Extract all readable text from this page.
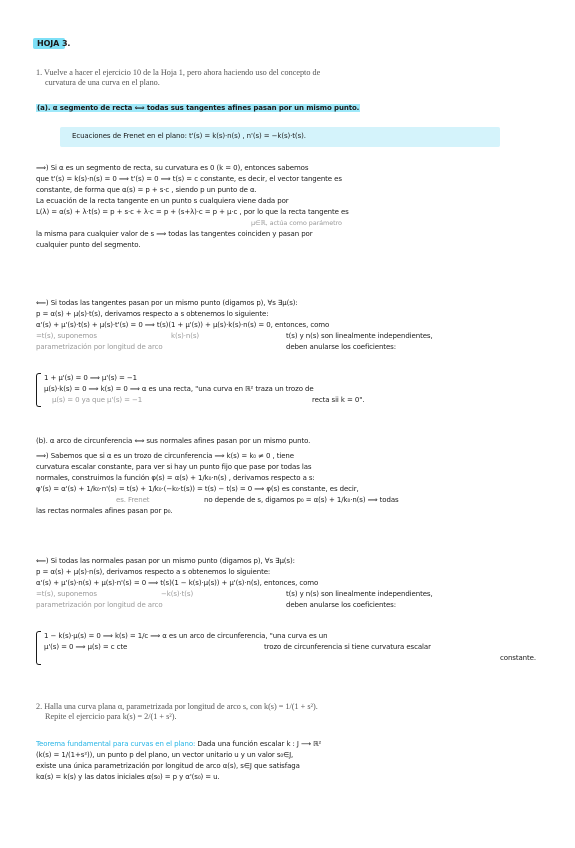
HOJA 3.
1. Vuelve a hacer el ejercicio 10 de la Hoja 1, pero ahora haciendo uso del concepto de
curvatura de una curva en el plano.
(a). α segmento de recta ⟺ todas sus tangentes afines pasan por un mismo punto.
Ecuaciones de Frenet en el plano: t'(s) = k(s)·n(s) , n'(s) = −k(s)·t(s).
⟹) Si α es un segmento de recta, su curvatura es 0 (k = 0), entonces sabemos
que t'(s) = k(s)·n(s) = 0 ⟹ t'(s) = 0 ⟹ t(s) = c constante, es decir, el vector tangente es
constante, de forma que α(s) = p + s·c , siendo p un punto de α.
La ecuación de la recta tangente en un punto s cualquiera viene dada por
L(λ) = α(s) + λ·t(s) = p + s·c + λ·c = p + (s+λ)·c = p + μ·c , por lo que la recta tangente es
μ∈ℝ, actúa como parámetro
la misma para cualquier valor de s ⟹ todas las tangentes coinciden y pasan por
cualquier punto del segmento.
⟸) Si todas las tangentes pasan por un mismo punto (digamos p), ∀s ∃μ(s):
p = α(s) + μ(s)·t(s), derivamos respecto a s obtenemos lo siguiente:
α'(s) + μ'(s)·t(s) + μ(s)·t'(s) = 0 ⟹ t(s)(1 + μ'(s)) + μ(s)·k(s)·n(s) = 0, entonces, como
=t(s), suponemos	k(s)·n(s)	t(s) y n(s) son linealmente independientes,
parametrización por longitud de arco	deben anularse los coeficientes:
1 + μ'(s) = 0 ⟹ μ'(s) = −1
μ(s)·k(s) = 0 ⟹ k(s) = 0 ⟹ α es una recta, "una curva en ℝ² traza un trozo de
μ(s) = 0 ya que μ'(s) = −1	recta sii k = 0".
(b). α arco de circunferencia ⟺ sus normales afines pasan por un mismo punto.
⟹) Sabemos que si α es un trozo de circunferencia ⟹ k(s) = k₀ ≠ 0 , tiene
curvatura escalar constante, para ver si hay un punto fijo que pase por todas las
normales, construimos la función φ(s) = α(s) + 1/k₀·n(s) , derivamos respecto a s:
φ'(s) = α'(s) + 1/k₀·n'(s) = t(s) + 1/k₀·(−k₀·t(s)) = t(s) − t(s) = 0 ⟹ φ(s) es constante, es decir,
es. Frenet	no depende de s, digamos p₀ = α(s) + 1/k₀·n(s) ⟹ todas
las rectas normales afines pasan por p₀.
⟸) Si todas las normales pasan por un mismo punto (digamos p), ∀s ∃μ(s):
p = α(s) + μ(s)·n(s), derivamos respecto a s obtenemos lo siguiente:
α'(s) + μ'(s)·n(s) + μ(s)·n'(s) = 0 ⟹ t(s)(1 − k(s)·μ(s)) + μ'(s)·n(s), entonces, como
=t(s), suponemos	−k(s)·t(s)	t(s) y n(s) son linealmente independientes,
parametrización por longitud de arco	deben anularse los coeficientes:
1 − k(s)·μ(s) = 0 ⟹ k(s) = 1/c ⟹ α es un arco de circunferencia, "una curva es un
μ'(s) = 0 ⟹ μ(s) = c cte	trozo de circunferencia si tiene curvatura escalar
constante.
2. Halla una curva plana α, parametrizada por longitud de arco s, con k(s) = 1/(1 + s²).
Repite el ejercicio para k(s) = 2/(1 + s²).
Teorema fundamental para curvas en el plano: Dada una función escalar k : J ⟶ ℝ²
(k(s) = 1/(1+s²)), un punto p del plano, un vector unitario u y un valor s₀∈J,
existe una única parametrización por longitud de arco α(s), s∈J que satisfaga
kα(s) = k(s) y las datos iniciales α(s₀) = p y α'(s₀) = u.
